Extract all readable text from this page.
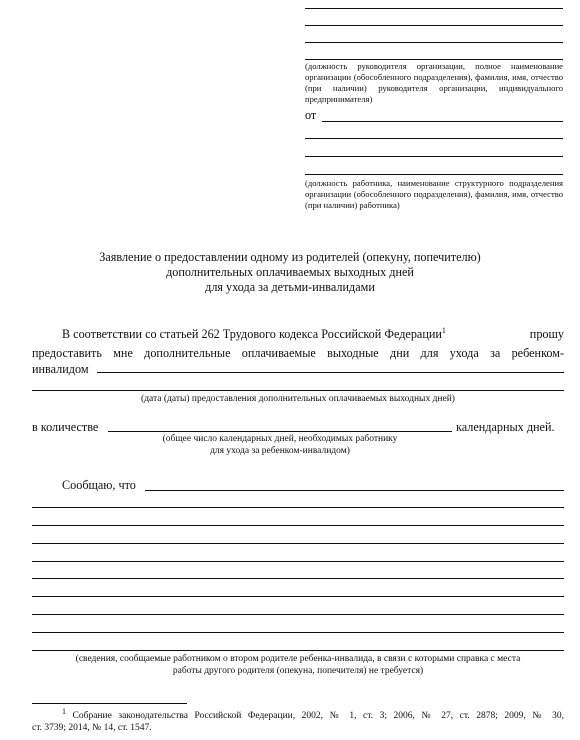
(должность руководителя организации, полное наименование
организации (обособленного подразделения), фамилия, имя, отчество
(при наличии) руководителя организации, индивидуального
предпринимателя)
от
(должность работника, наименование структурного подразделения
организации (обособленного подразделения), фамилия, имя, отчество
(при наличии) работника)
Заявление о предоставлении одному из родителей (опекуну, попечителю)
дополнительных оплачиваемых выходных дней
для ухода за детьми-инвалидами
В соответствии со статьей 262 Трудового кодекса Российской Федерации$^1$	прошу
предоставить мне дополнительные оплачиваемые выходные дни для ухода за ребенком-
инвалидом
(дата (даты) предоставления дополнительных оплачиваемых выходных дней)
в количестве	календарных дней.
(общее число календарных дней, необходимых работнику
для ухода за ребенком-инвалидом)
Сообщаю, что
(сведения, сообщаемые работником о втором родителе ребенка-инвалида, в связи с которыми справка с места
работы другого родителя (опекуна, попечителя) не требуется)
$^1$ Собрание законодательства Российской Федерации, 2002, № 1, ст. 3; 2006, № 27, ст. 2878; 2009, № 30,
ст. 3739; 2014, № 14, ст. 1547.
